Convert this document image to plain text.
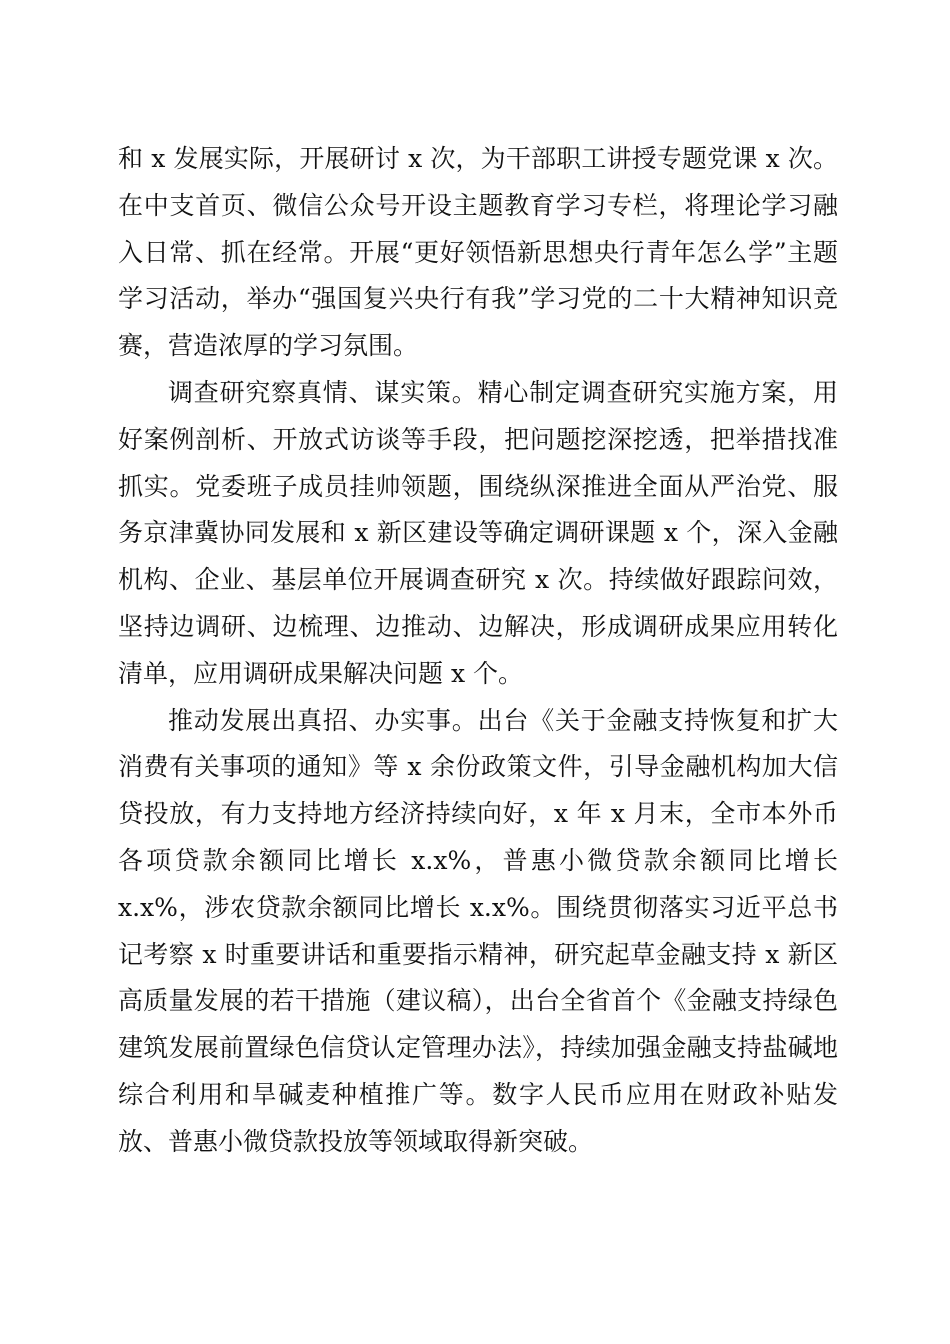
和 x 发展实际，开展研讨 x 次，为干部职工讲授专题党课 x 次。在中支首页、微信公众号开设主题教育学习专栏，将理论学习融入日常、抓在经常。开展“更好领悟新思想央行青年怎么学”主题学习活动，举办“强国复兴央行有我”学习党的二十大精神知识竞赛，营造浓厚的学习氛围。

调查研究察真情、谋实策。精心制定调查研究实施方案，用好案例剖析、开放式访谈等手段，把问题挖深挖透，把举措找准抓实。党委班子成员挂帅领题，围绕纵深推进全面从严治党、服务京津冀协同发展和 x 新区建设等确定调研课题 x 个，深入金融机构、企业、基层单位开展调查研究 x 次。持续做好跟踪问效，坚持边调研、边梳理、边推动、边解决，形成调研成果应用转化清单，应用调研成果解决问题 x 个。

推动发展出真招、办实事。出台《关于金融支持恢复和扩大消费有关事项的通知》等 x 余份政策文件，引导金融机构加大信贷投放，有力支持地方经济持续向好，x 年 x 月末，全市本外币各项贷款余额同比增长 x.x%，普惠小微贷款余额同比增长 x.x%，涉农贷款余额同比增长 x.x%。围绕贯彻落实习近平总书记考察 x 时重要讲话和重要指示精神，研究起草金融支持 x 新区高质量发展的若干措施（建议稿），出台全省首个《金融支持绿色建筑发展前置绿色信贷认定管理办法》，持续加强金融支持盐碱地综合利用和旱碱麦种植推广等。数字人民币应用在财政补贴发放、普惠小微贷款投放等领域取得新突破。
